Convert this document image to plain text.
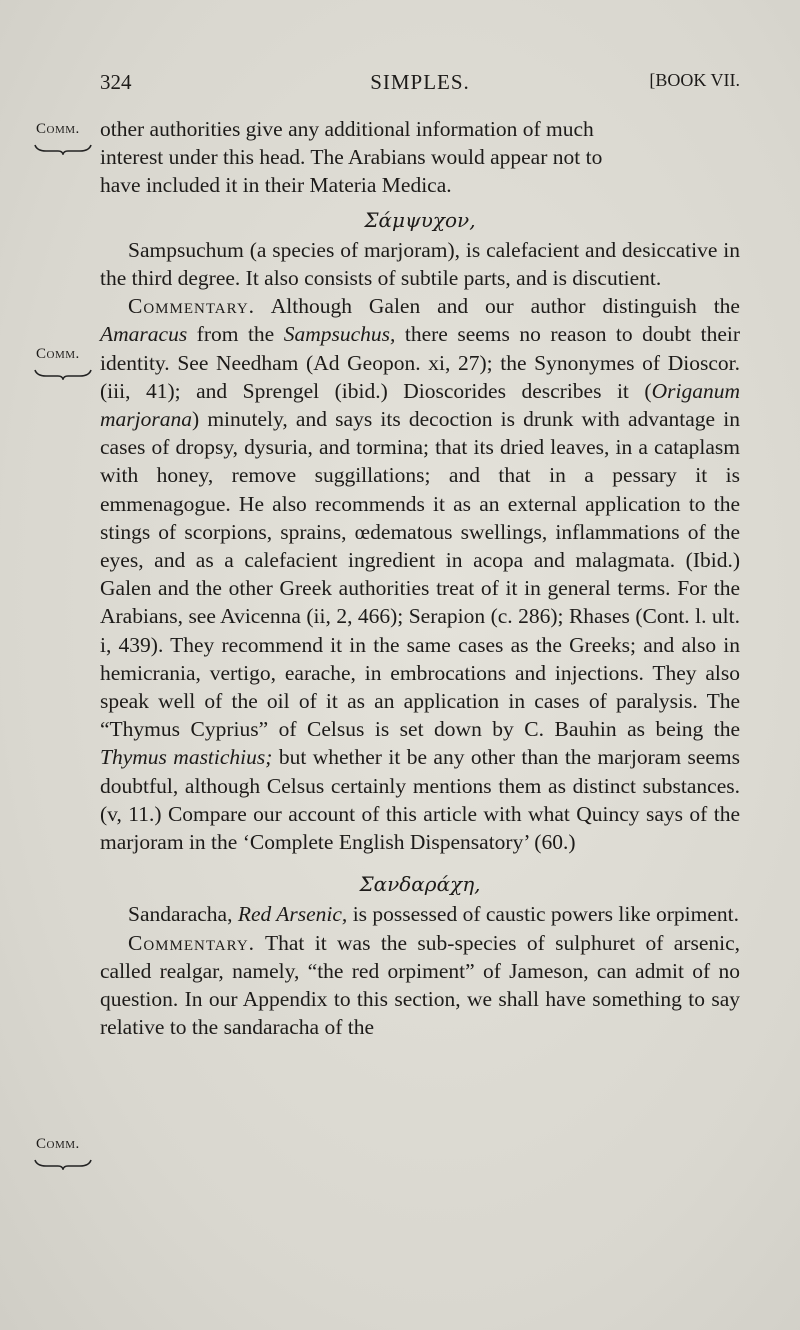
324	SIMPLES.	[BOOK VII.
Comm.
Comm.
Comm.
other authorities give any additional information of much
interest under this head. The Arabians would appear not to
have included it in their Materia Medica.
Σάμψυχον,
Sampsuchum (a species of marjoram), is calefacient and desiccative in the third degree. It also consists of subtile parts, and is discutient.
Commentary. Although Galen and our author distinguish the Amaracus from the Sampsuchus, there seems no reason to doubt their identity. See Needham (Ad Geopon. xi, 27); the Synonymes of Dioscor. (iii, 41); and Sprengel (ibid.) Dioscorides describes it (Origanum marjorana) minutely, and says its decoction is drunk with advantage in cases of dropsy, dysuria, and tormina; that its dried leaves, in a cataplasm with honey, remove suggillations; and that in a pessary it is emmenagogue. He also recommends it as an external application to the stings of scorpions, sprains, œdematous swellings, inflammations of the eyes, and as a calefacient ingredient in acopa and malagmata. (Ibid.) Galen and the other Greek authorities treat of it in general terms. For the Arabians, see Avicenna (ii, 2, 466); Serapion (c. 286); Rhases (Cont. l. ult. i, 439). They recommend it in the same cases as the Greeks; and also in hemicrania, vertigo, earache, in embrocations and injections. They also speak well of the oil of it as an application in cases of paralysis. The “Thymus Cyprius” of Celsus is set down by C. Bauhin as being the Thymus mastichius; but whether it be any other than the marjoram seems doubtful, although Celsus certainly mentions them as distinct substances. (v, 11.) Compare our account of this article with what Quincy says of the marjoram in the ‘Complete English Dispensatory’ (60.)
Σανδαράχη,
Sandaracha, Red Arsenic, is possessed of caustic powers like orpiment.
Commentary. That it was the sub-species of sulphuret of arsenic, called realgar, namely, “the red orpiment” of Jameson, can admit of no question. In our Appendix to this section, we shall have something to say relative to the sandaracha of the
